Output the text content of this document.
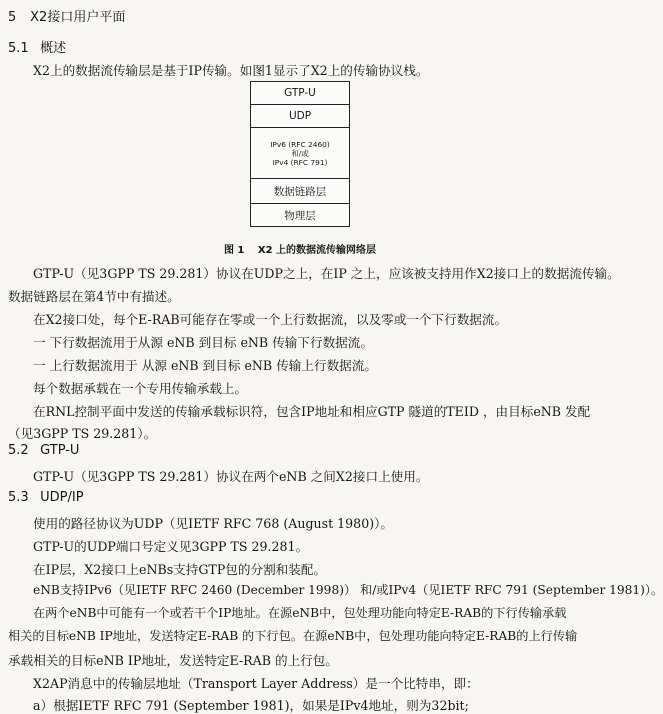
5 X2接口用户平面
5.1 概述
X2上的数据流传输层是基于IP传输。如图1显示了X2上的传输协议栈。
GTP-U
UDP
IPv6 (RFC 2460)
和/或
IPv4 (RFC 791)
数据链路层
物理层
图 1 X2 上的数据流传输网络层
GTP-U（见3GPP TS 29.281）协议在UDP之上，在IP 之上，应该被支持用作X2接口上的数据流传输。
数据链路层在第4节中有描述。
在X2接口处，每个E-RAB可能存在零或一个上行数据流，以及零或一个下行数据流。
一 下行数据流用于从源 eNB 到目标 eNB 传输下行数据流。
一 上行数据流用于 从源 eNB 到目标 eNB 传输上行数据流。
每个数据承载在一个专用传输承载上。
在RNL控制平面中发送的传输承载标识符，包含IP地址和相应GTP 隧道的TEID ，由目标eNB 发配
（见3GPP TS 29.281）。
5.2 GTP-U
GTP-U（见3GPP TS 29.281）协议在两个eNB 之间X2接口上使用。
5.3 UDP/IP
使用的路径协议为UDP（见IETF RFC 768 (August 1980)）。
GTP-U的UDP端口号定义见3GPP TS 29.281。
在IP层，X2接口上eNBs支持GTP包的分割和装配。
eNB支持IPv6（见IETF RFC 2460 (December 1998)） 和/或IPv4（见IETF RFC 791 (September 1981)）。
在两个eNB中可能有一个或若干个IP地址。在源eNB中，包处理功能向特定E-RAB的下行传输承载
相关的目标eNB IP地址，发送特定E-RAB 的下行包。在源eNB中，包处理功能向特定E-RAB的上行传输
承载相关的目标eNB IP地址，发送特定E-RAB 的上行包。
X2AP消息中的传输层地址（Transport Layer Address）是一个比特串，即：
a）根据IETF RFC 791 (September 1981)，如果是IPv4地址，则为32bit;
